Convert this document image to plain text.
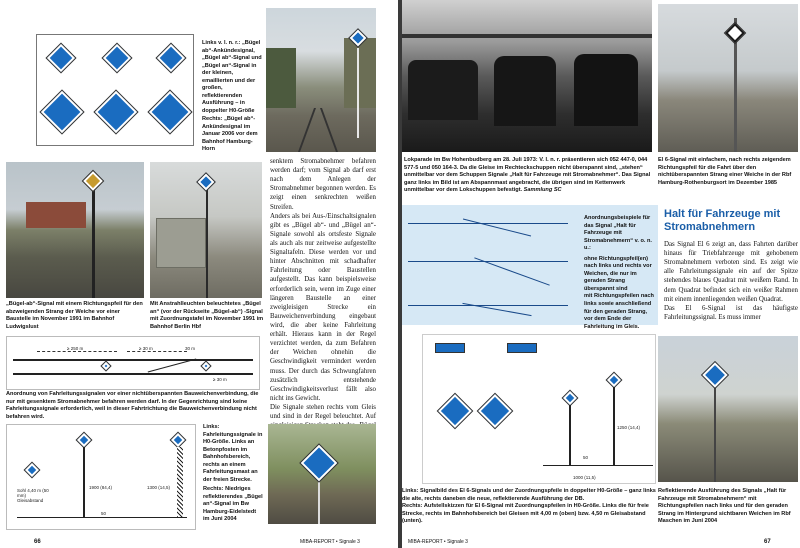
Links v. l. n. r.: „Bügel ab“-Ankündesignal, „Bügel ab“-Signal und „Bügel an“-Signal in der kleinen, emaillierten und der großen, reflektierenden Ausführung – in doppelter H0-Größe
Rechts: „Bügel ab“-Ankündesignal im Januar 2006 vor dem Bahnhof Hamburg-Horn
„Bügel-ab“-Signal mit einem Richtungspfeil für den abzweigenden Strang der Weiche vor einer Baustelle im November 1991 im Bahnhof Ludwigslust
Mit Anstrahlleuchten beleuchtetes „Bügel an“ (vor der Rückseite „Bügel-ab“) -Signal mit Zuordnungstafel im November 1991 im Bahnhof Berlin Hbf
senktem Stromabnehmer befahren werden darf; vom Signal ab darf erst nach dem Anlegen der Stromabnehmer begonnen werden. Es zeigt einen senkrechten weißen Streifen.
Anders als bei Aus-/Einschaltsignalen gibt es „Bügel ab“- und „Bügel an“-Signale sowohl als ortsfeste Signale als auch als nur zeitweise aufgestellte Signaltafeln. Diese werden vor und hinter Abschnitten mit schadhafter Fahrleitung oder Baustellen aufgestellt. Das kann beispielsweise erforderlich sein, wenn im Zuge einer längeren Baustelle an einer zweigleisigen Strecke ein Bauweichenverbindung eingebaut wird, die aber keine Fahrleitung erhält. Hieraus kann in der Regel verzichtet werden, da zum Befahren der Weichen ohnehin die Geschwindigkeit vermindert werden muss. Der durch das Schwungfahren zusätzlich entstehende Geschwindigkeitsverlust fällt also nicht ins Gewicht.
Die Signale stehen rechts vom Gleis und sind in der Regel beleuchtet. Auf

≥ 250 m	≥ 30 m	30 m
≥ 30 m
Anordnung von Fahrleitungssignalen vor einer nichtüberspannten Bauweichenverbindung, die nur mit gesenktem Stromabnehmer befahren werden darf. In der Gegenrichtung sind keine Fahrleitungssignale erforderlich, weil in dieser Fahrtrichtung die Bauweichenverbindung nicht befahren wird.
Sohl 4,40 m (50 mm) Gleisabstand
1900 (84,4)
50
1300 (14,5)
Links: Fahrleitungssignale in H0-Größe. Links an Betonpfosten im Bahnhofsbereich, rechts an einem Fahrleitungsmast an der freien Strecke.
Rechts: Niedriges reflektierendes „Bügel an“-Signal im Bw Hamburg-Eidelstedt im Juni 2004
66	MIBA-REPORT • Signale 3
Lokparade im Bw Hohenbudberg am 28. Juli 1973: V. l. n. r. präsentieren sich 052 447-0, 044 577-5 und 050 164-3. Da die Gleise im Rechteckschuppen nicht überspannt sind, „stehen“ unmittelbar vor dem Schuppen Signale „Halt für Fahrzeuge mit Stromabnehmer“. Das Signal ganz links im Bild ist am Abspannmast angebracht, die übrigen sind im Kettenwerk unmittelbar vor dem Lokschuppen befestigt. Sammlung SC
El 6-Signal mit einfachem, nach rechts zeigendem Richtungspfeil für die Fahrt über den nichtüberspannten Strang einer Weiche in der Rbf Hamburg-Rothenburgsort im Dezember 1985
Anordnungsbeispiele für das Signal „Halt für Fahrzeuge mit Stromabnehmern“ v. o. n. u.:
ohne Richtungspfeil(en) nach links und rechts vor Weichen, die nur im geraden Strang überspannt sind
mit Richtungspfeilen nach links sowie anschließend für den geraden Strang,
vor dem Ende der Fahrleitung im Gleis.
Halt für Fahrzeuge mit Stromabnehmern
Das Signal El 6 zeigt an, dass Fahrten darüber hinaus für Triebfahrzeuge mit gehobenem Stromabnehmern verboten sind. Es zeigt wie alle Fahrleitungssignale ein auf der Spitze stehendes blaues Quadrat mit weißem Rand. In dem Quadrat befindet sich ein weißer Rahmen mit einem innenliegenden weißen Quadrat.
Das El 6-Signal ist das häufigste Fahrleitungssignal. Es muss immer
1000 (11,5)
1250 (14,4)
50
Links: Signalbild des El 6-Signals und der Zuordnungspfeile in doppelter H0-Größe – ganz links die alte, rechts daneben die neue, reflektierende Ausführung der DB.
Rechts: Aufstellskizzen für El 6-Signal mit Zuordnungspfeilen in H0-Größe. Links die für freie Strecke, rechts im Bahnhofsbereich bei Gleisen mit 4,00 m (oben) bzw. 4,50 m Gleisabstand (unten).
Reflektierende Ausführung des Signals „Halt für Fahrzeuge mit Stromabnehmern“ mit Richtungspfeilen nach links und für den geraden Strang im Hintergrund sichtbaren Weichen im Rbf Maschen im Juni 2004
MIBA-REPORT • Signale 3	67
